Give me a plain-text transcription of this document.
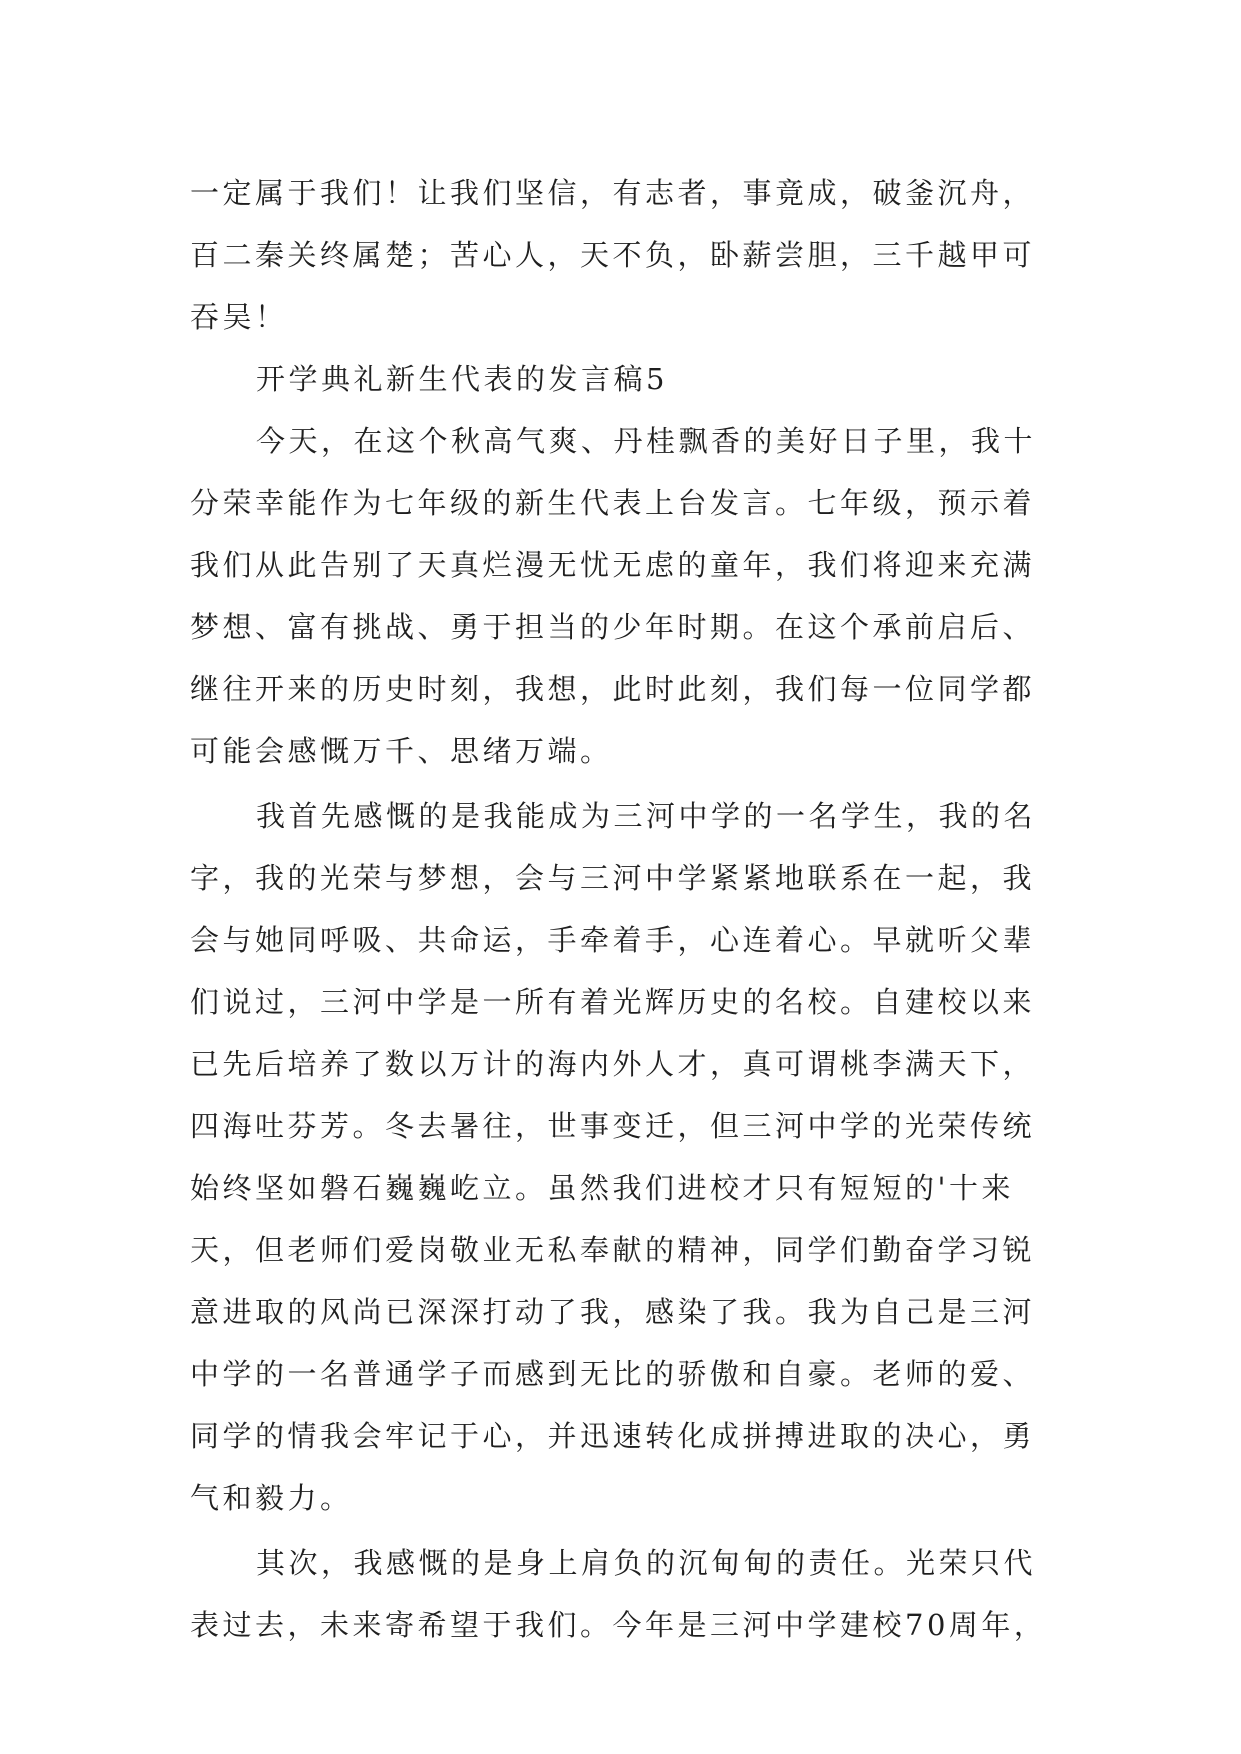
一定属于我们！让我们坚信，有志者，事竟成，破釜沉舟，
百二秦关终属楚；苦心人，天不负，卧薪尝胆，三千越甲可
吞吴！
开学典礼新生代表的发言稿5
今天，在这个秋高气爽、丹桂飘香的美好日子里，我十
分荣幸能作为七年级的新生代表上台发言。七年级，预示着
我们从此告别了天真烂漫无忧无虑的童年，我们将迎来充满
梦想、富有挑战、勇于担当的少年时期。在这个承前启后、
继往开来的历史时刻，我想，此时此刻，我们每一位同学都
可能会感慨万千、思绪万端。
我首先感慨的是我能成为三河中学的一名学生，我的名
字，我的光荣与梦想，会与三河中学紧紧地联系在一起，我
会与她同呼吸、共命运，手牵着手，心连着心。早就听父辈
们说过，三河中学是一所有着光辉历史的名校。自建校以来
已先后培养了数以万计的海内外人才，真可谓桃李满天下，
四海吐芬芳。冬去暑往，世事变迁，但三河中学的光荣传统
始终坚如磐石巍巍屹立。虽然我们进校才只有短短的'十来
天，但老师们爱岗敬业无私奉献的精神，同学们勤奋学习锐
意进取的风尚已深深打动了我，感染了我。我为自己是三河
中学的一名普通学子而感到无比的骄傲和自豪。老师的爱、
同学的情我会牢记于心，并迅速转化成拼搏进取的决心，勇
气和毅力。
其次，我感慨的是身上肩负的沉甸甸的责任。光荣只代
表过去，未来寄希望于我们。今年是三河中学建校70周年，
